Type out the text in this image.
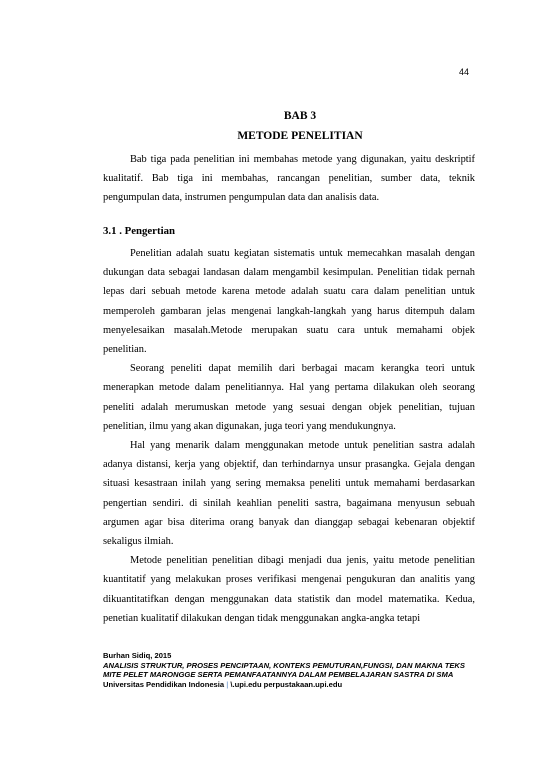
44
BAB 3
METODE PENELITIAN

Bab tiga pada penelitian ini membahas metode yang digunakan, yaitu deskriptif kualitatif. Bab tiga ini membahas, rancangan penelitian, sumber data, teknik pengumpulan data, instrumen pengumpulan data dan analisis data.

3.1 . Pengertian

Penelitian adalah suatu kegiatan sistematis untuk memecahkan masalah dengan dukungan data sebagai landasan dalam mengambil kesimpulan. Penelitian tidak pernah lepas dari sebuah metode karena metode adalah suatu cara dalam penelitian untuk memperoleh gambaran jelas mengenai langkah-langkah yang harus ditempuh dalam menyelesaikan masalah.Metode merupakan suatu cara untuk memahami objek penelitian.

Seorang peneliti dapat memilih dari berbagai macam kerangka teori untuk menerapkan metode dalam penelitiannya. Hal yang pertama dilakukan oleh seorang peneliti adalah merumuskan metode yang sesuai dengan objek penelitian, tujuan penelitian, ilmu yang akan digunakan, juga teori yang mendukungnya.

Hal yang menarik dalam menggunakan metode untuk penelitian sastra adalah adanya distansi, kerja yang objektif, dan terhindarnya unsur prasangka. Gejala dengan situasi kesastraan inilah yang sering memaksa peneliti untuk memahami berdasarkan pengertian sendiri. di sinilah keahlian peneliti sastra, bagaimana menyusun sebuah argumen agar bisa diterima orang banyak dan dianggap sebagai kebenaran objektif sekaligus ilmiah.

Metode penelitian penelitian dibagi menjadi dua jenis, yaitu metode penelitian kuantitatif yang melakukan proses verifikasi mengenai pengukuran dan analitis yang dikuantitatifkan dengan menggunakan data statistik dan model matematika. Kedua, penetian kualitatif dilakukan dengan tidak menggunakan angka-angka tetapi

Burhan Sidiq, 2015
ANALISIS STRUKTUR, PROSES PENCIPTAAN, KONTEKS PEMUTURAN,FUNGSI, DAN MAKNA TEKS
MITE PELET MARONGGE SERTA PEMANFAATANNYA DALAM PEMBELAJARAN SASTRA DI SMA
Universitas Pendidikan Indonesia | \.upi.edu perpustakaan.upi.edu
